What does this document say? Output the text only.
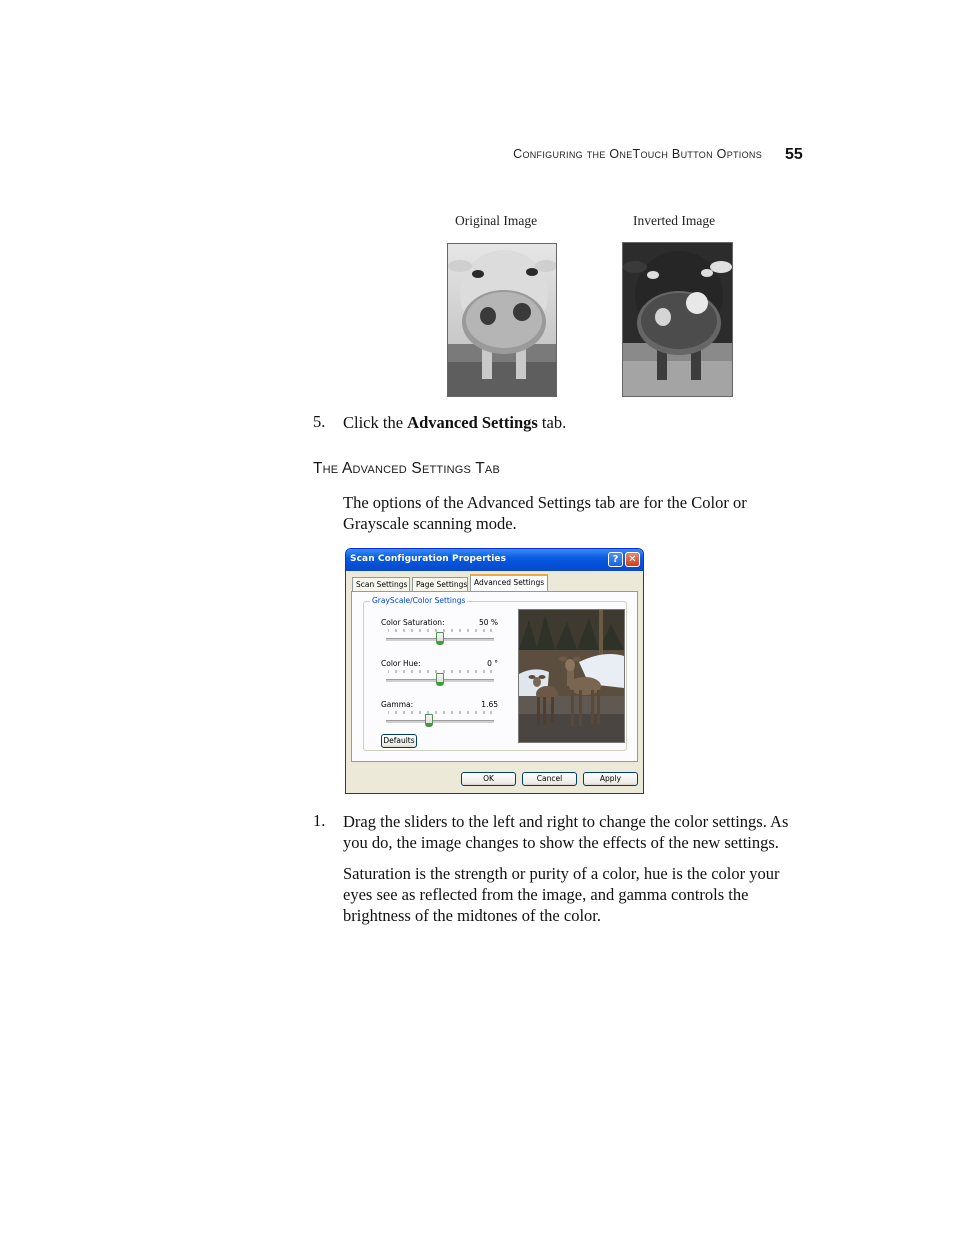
Configuring the OneTouch Button Options 55
Original Image	Inverted Image
5. Click the Advanced Settings tab.
The Advanced Settings Tab
The options of the Advanced Settings tab are for the Color or Grayscale scanning mode.
Scan Configuration Properties	? ✕
Scan Settings	Page Settings Advanced Settings
GrayScale/Color Settings
Color Saturation:	50 %
Color Hue:	0 °
Gamma:	1.65
Defaults
OK	Cancel	Apply
1. Drag the sliders to the left and right to change the color settings. As you do, the image changes to show the effects of the new settings.
Saturation is the strength or purity of a color, hue is the color your eyes see as reflected from the image, and gamma controls the brightness of the midtones of the color.
